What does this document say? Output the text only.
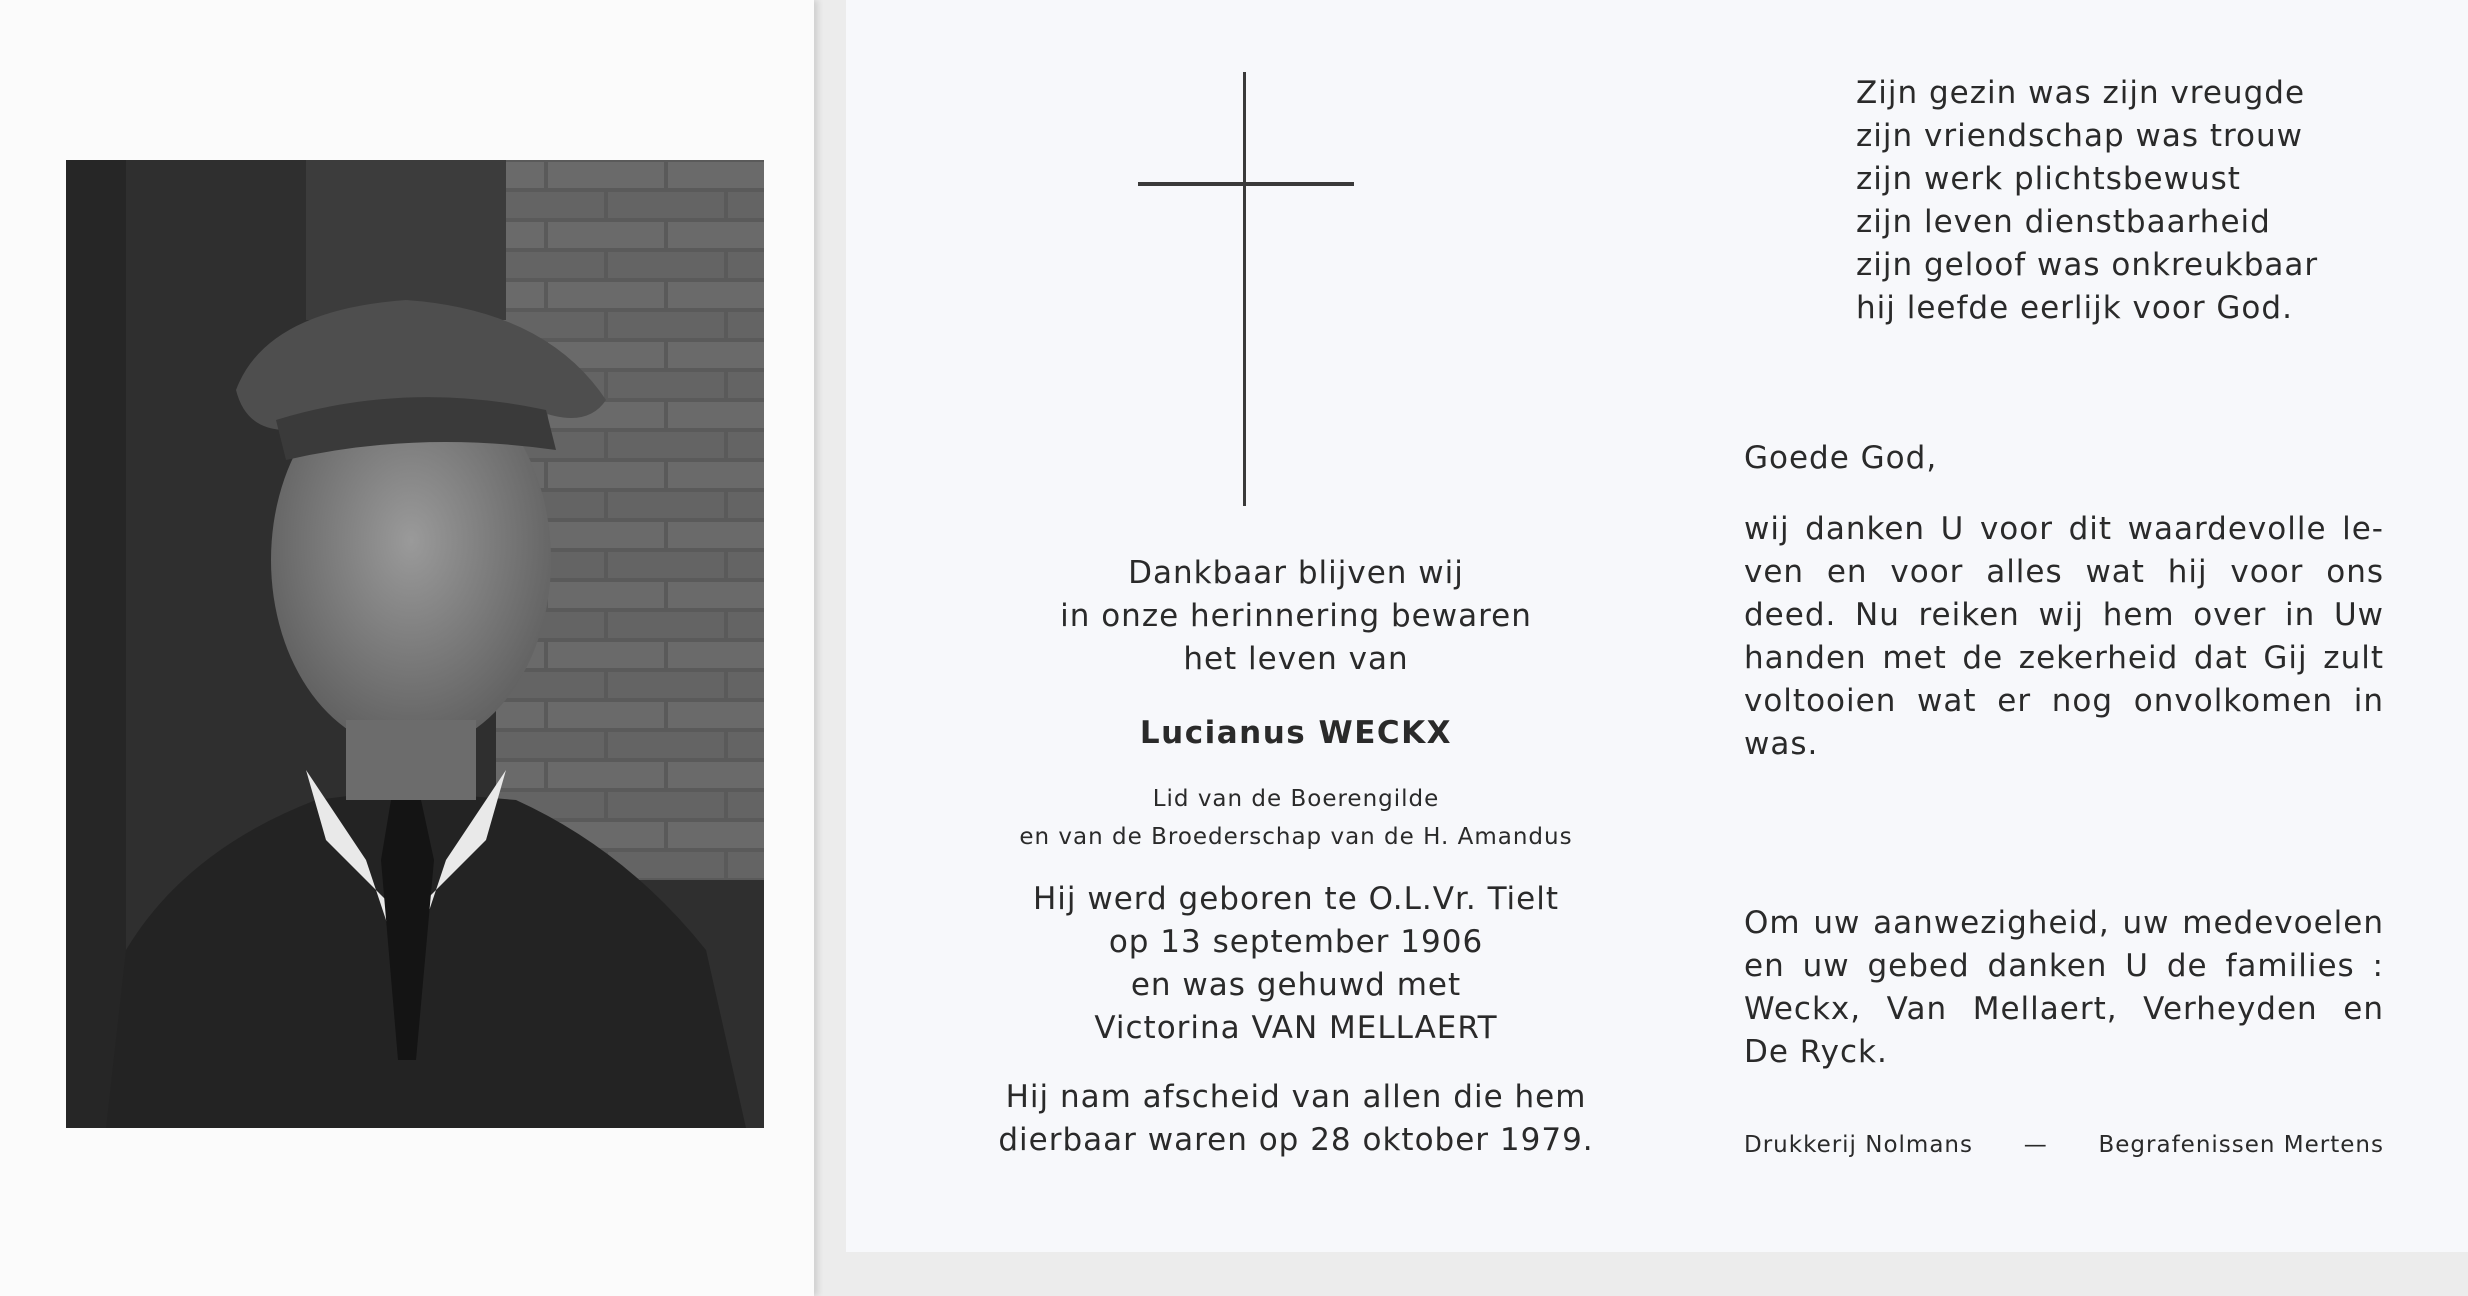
Dankbaar blijven wij
in onze herinnering bewaren
het leven van
Lucianus WECKX
Lid van de Boerengilde
en van de Broederschap van de H. Amandus
Hij werd geboren te O.L.Vr. Tielt
op 13 september 1906
en was gehuwd met
Victorina VAN MELLAERT
Hij nam afscheid van allen die hem
dierbaar waren op 28 oktober 1979.
Zijn gezin was zijn vreugde
zijn vriendschap was trouw
zijn werk plichtsbewust
zijn leven dienstbaarheid
zijn geloof was onkreukbaar
hij leefde eerlijk voor God.
Goede God,
wij danken U voor dit waardevolle le-
ven en voor alles wat hij voor ons
deed. Nu reiken wij hem over in Uw
handen met de zekerheid dat Gij zult
voltooien wat er nog onvolkomen in
was.
Om uw aanwezigheid, uw medevoelen
en uw gebed danken U de families :
Weckx, Van Mellaert, Verheyden en
De Ryck.
Drukkerij Nolmans — Begrafenissen Mertens
